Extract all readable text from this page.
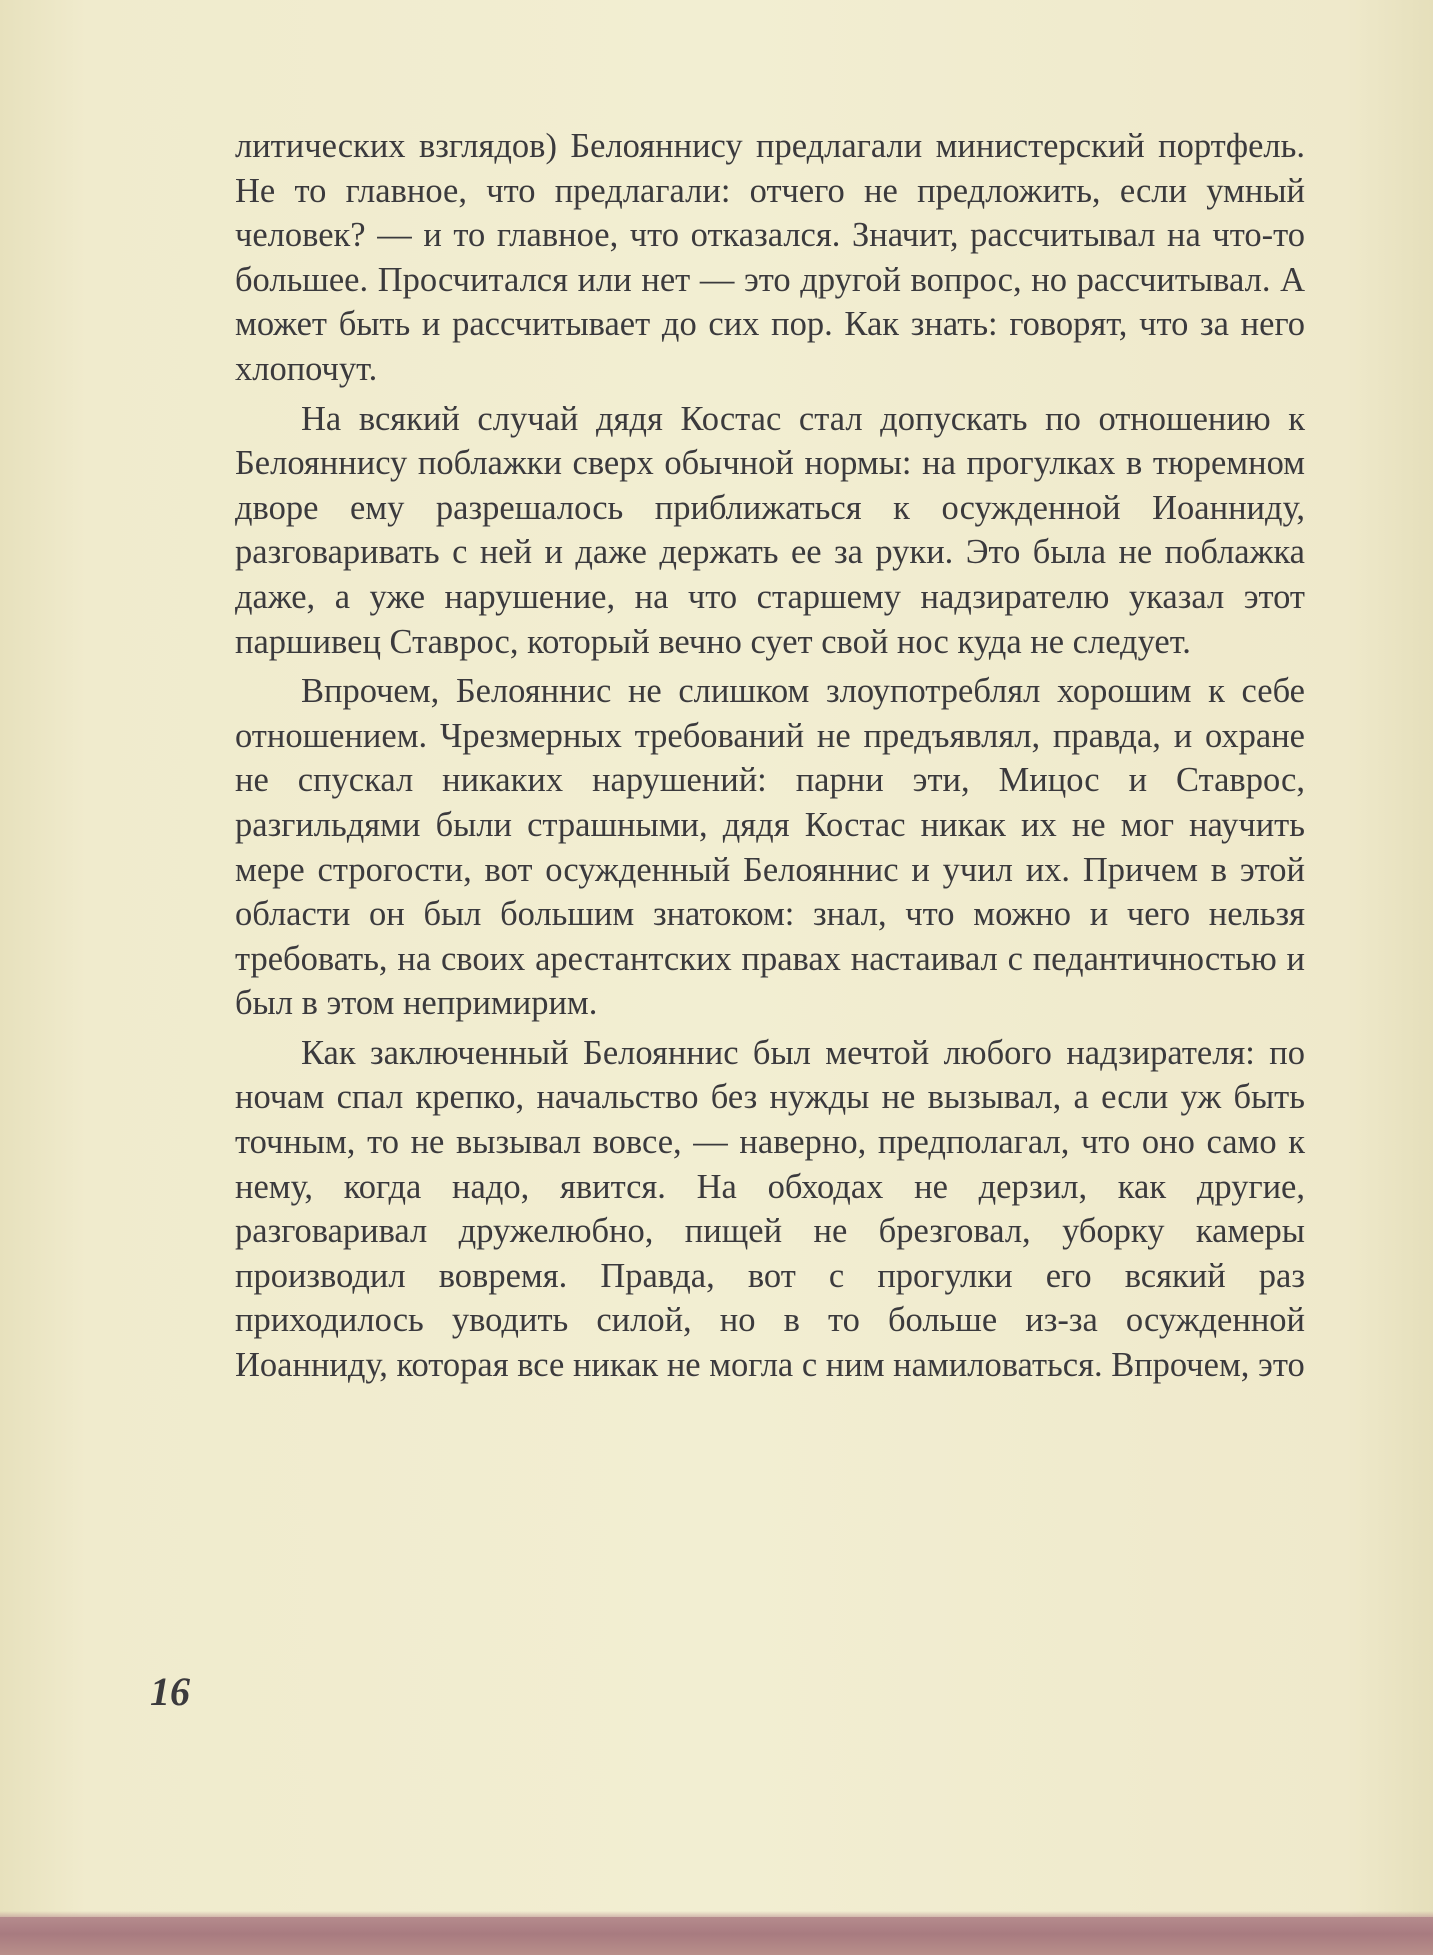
литических взглядов) Белояннису предлагали министерский портфель. Не то главное, что предлагали: отчего не предложить, если умный человек? — и то главное, что отказался. Значит, рассчитывал на что-то большее. Просчитался или нет — это другой вопрос, но рассчитывал. А может быть и рассчитывает до сих пор. Как знать: говорят, что за него хлопочут.

На всякий случай дядя Костас стал допускать по отношению к Белояннису поблажки сверх обычной нормы: на прогулках в тюремном дворе ему разрешалось приближаться к осужденной Иоанниду, разговаривать с ней и даже держать ее за руки. Это была не поблажка даже, а уже нарушение, на что старшему надзирателю указал этот паршивец Ставрос, который вечно сует свой нос куда не следует.

Впрочем, Белояннис не слишком злоупотреблял хорошим к себе отношением. Чрезмерных требований не предъявлял, правда, и охране не спускал никаких нарушений: парни эти, Мицос и Ставрос, разгильдями были страшными, дядя Костас никак их не мог научить мере строгости, вот осужденный Белояннис и учил их. Причем в этой области он был большим знатоком: знал, что можно и чего нельзя требовать, на своих арестантских правах настаивал с педантичностью и был в этом непримирим.

Как заключенный Белояннис был мечтой любого надзирателя: по ночам спал крепко, начальство без нужды не вызывал, а если уж быть точным, то не вызывал вовсе, — наверно, предполагал, что оно само к нему, когда надо, явится. На обходах не дерзил, как другие, разговаривал дружелюбно, пищей не брезговал, уборку камеры производил вовремя. Правда, вот с прогулки его всякий раз приходилось уводить силой, но в то больше из-за осужденной Иоанниду, которая все никак не могла с ним намиловаться. Впрочем, это

16
